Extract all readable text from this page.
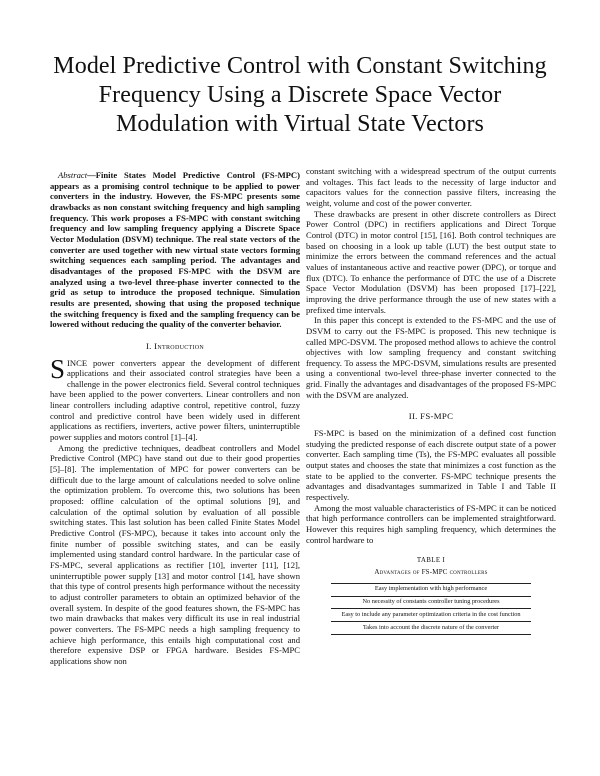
Model Predictive Control with Constant Switching Frequency Using a Discrete Space Vector Modulation with Virtual State Vectors

Abstract—Finite States Model Predictive Control (FS-MPC) appears as a promising control technique to be applied to power converters in the industry. However, the FS-MPC presents some drawbacks as non constant switching frequency and high sampling frequency. This work proposes a FS-MPC with constant switching frequency and low sampling frequency applying a Discrete Space Vector Modulation (DSVM) technique. The real state vectors of the converter are used together with new virtual state vectors forming switching sequences each sampling period. The advantages and disadvantages of the proposed FS-MPC with the DSVM are analyzed using a two-level three-phase inverter connected to the grid as setup to introduce the proposed technique. Simulation results are presented, showing that using the proposed technique the switching frequency is fixed and the sampling frequency can be lowered without reducing the quality of the converter behavior.

I. Introduction

SINCE power converters appear the development of different applications and their associated control strategies have been a challenge in the power electronics field. Several control techniques have been applied to the power converters. Linear controllers and non linear controllers including adaptive control, repetitive control, fuzzy control and predictive control have been widely used in different applications as rectifiers, inverters, active power filters, uninterruptible power supplies and motors control [1]–[4].

Among the predictive techniques, deadbeat controllers and Model Predictive Control (MPC) have stand out due to their good properties [5]–[8]. The implementation of MPC for power converters can be difficult due to the large amount of calculations needed to solve online the optimization problem. To overcome this, two solutions has been proposed: offline calculation of the optimal solutions [9], and calculation of the optimal solution by evaluation of all possible switching states. This last solution has been called Finite States Model Predictive Control (FS-MPC), because it takes into account only the finite number of possible switching states, and can be easily implemented using standard control hardware. In the particular case of FS-MPC, several applications as rectifier [10], inverter [11], [12], uninterruptible power supply [13] and motor control [14], have shown that this type of control presents high performance without the necessity to adjust controller parameters to obtain an optimized behavior of the overall system. In despite of the good features shown, the FS-MPC has two main drawbacks that makes very difficult its use in real industrial power converters. The FS-MPC needs a high sampling frequency to achieve high performance, this entails high computational cost and therefore expensive DSP or FPGA hardware. Besides FS-MPC applications show non

constant switching with a widespread spectrum of the output currents and voltages. This fact leads to the necessity of large inductor and capacitors values for the connection passive filters, increasing the weight, volume and cost of the power converter.

These drawbacks are present in other discrete controllers as Direct Power Control (DPC) in rectifiers applications and Direct Torque Control (DTC) in motor control [15], [16]. Both control techniques are based on choosing in a look up table (LUT) the best output state to minimize the errors between the command references and the actual values of instantaneous active and reactive power (DPC), or torque and flux (DTC). To enhance the performance of DTC the use of a Discrete Space Vector Modulation (DSVM) has been proposed [17]–[22], improving the drive performance through the use of new states with a prefixed time intervals.

In this paper this concept is extended to the FS-MPC and the use of DSVM to carry out the FS-MPC is proposed. This new technique is called MPC-DSVM. The proposed method allows to achieve the control objectives with low sampling frequency and constant switching frequency. To assess the MPC-DSVM, simulations results are presented using a conventional two-level three-phase inverter connected to the grid. Finally the advantages and disadvantages of the proposed FS-MPC with the DSVM are analyzed.

II. FS-MPC

FS-MPC is based on the minimization of a defined cost function studying the predicted response of each discrete output state of a power converter. Each sampling time (Ts), the FS-MPC evaluates all possible output states and chooses the state that minimizes a cost function as the state to be applied to the converter. FS-MPC technique presents the advantages and disadvantages summarized in Table I and Table II respectively.

Among the most valuable characteristics of FS-MPC it can be noticed that high performance controllers can be implemented straightforward. However this requires high sampling frequency, which determines the control hardware to

TABLE I
Advantages of FS-MPC controllers
Easy implementation with high performance
No necessity of constants controller tuning procedures
Easy to include any parameter optimization criteria in the cost function
Takes into account the discrete nature of the converter
